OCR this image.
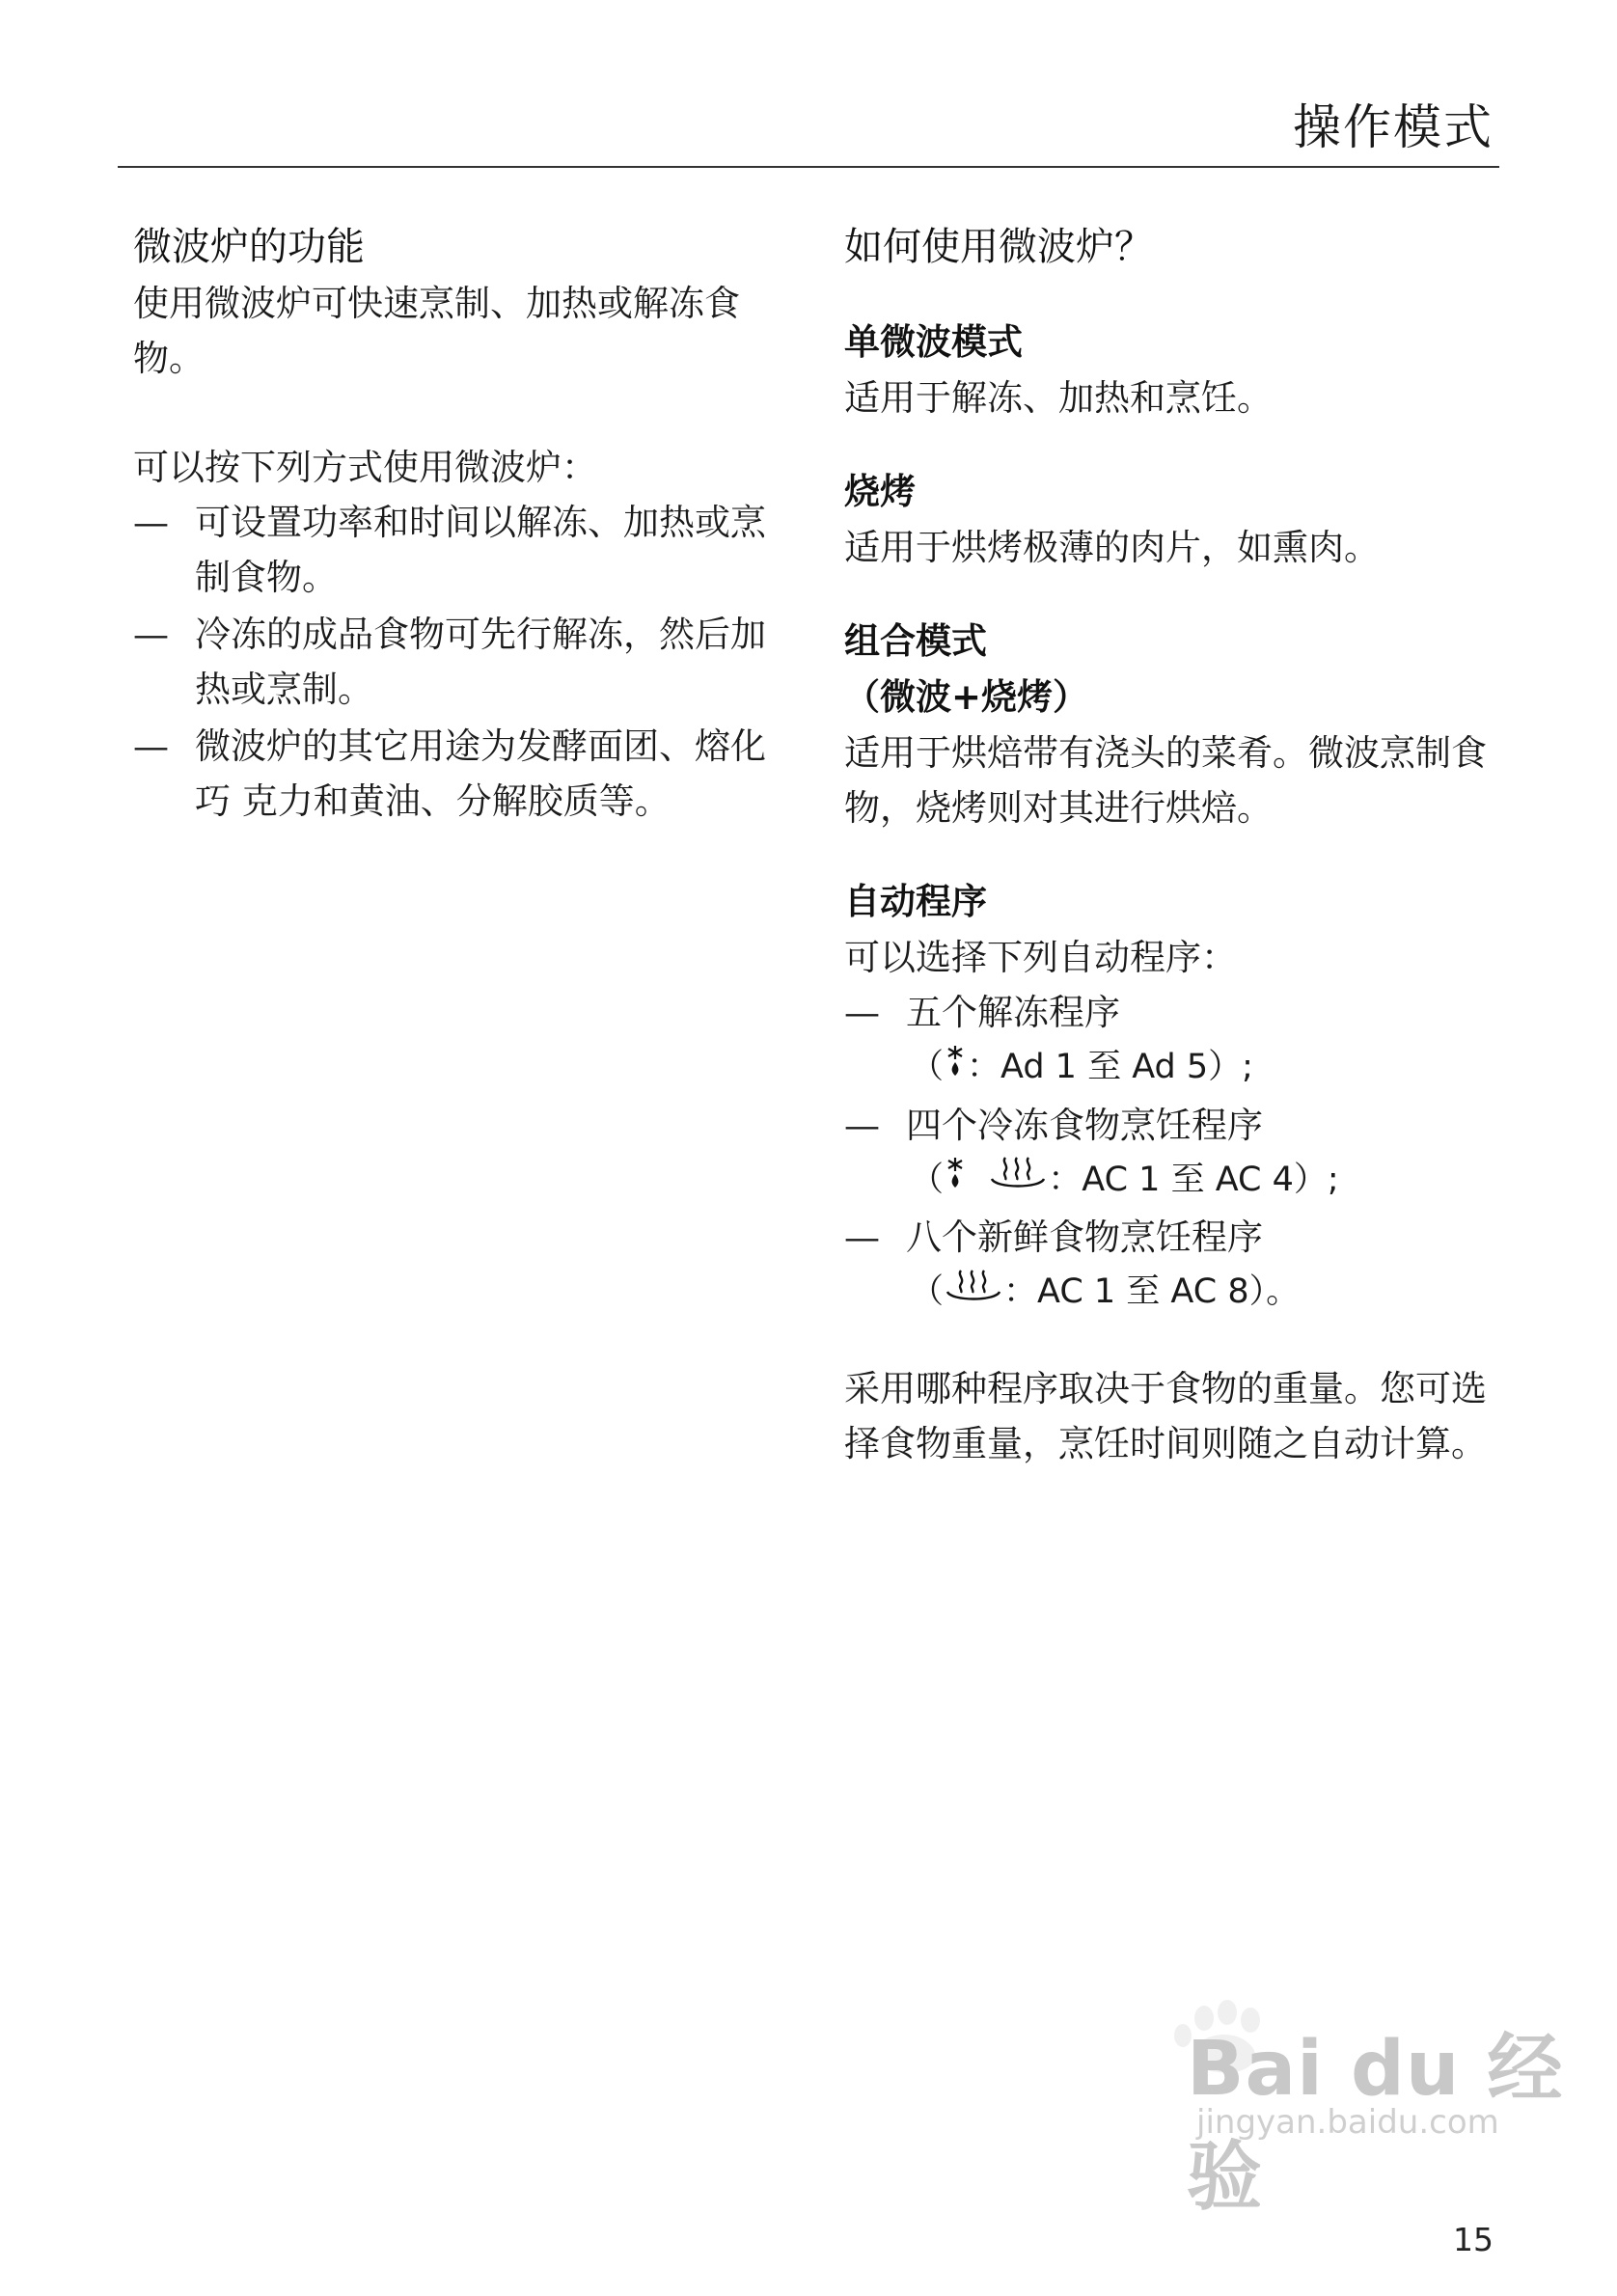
操作模式
微波炉的功能

使用微波炉可快速烹制、加热或解冻食物。

可以按下列方式使用微波炉：

— 可设置功率和时间以解冻、加热或烹制食物。
— 冷冻的成品食物可先行解冻，然后加热或烹制。
— 微波炉的其它用途为发酵面团、熔化巧 克力和黄油、分解胶质等。
如何使用微波炉？
单微波模式

适用于解冻、加热和烹饪。

烧烤

适用于烘烤极薄的肉片，如熏肉。

组合模式
（微波+烧烤）

适用于烘焙带有浇头的菜肴。微波烹制食物，烧烤则对其进行烘焙。

自动程序

可以选择下列自动程序：

— 五个解冻程序
（ ：Ad 1 至 Ad 5）;
— 四个冷冻食物烹饪程序
（	：AC 1 至 AC 4）;
— 八个新鲜食物烹饪程序
（ ：AC 1 至 AC 8）。

采用哪种程序取决于食物的重量。您可选择食物重量，烹饪时间则随之自动计算。

Bai du 经验
jingyan.baidu.com
15
